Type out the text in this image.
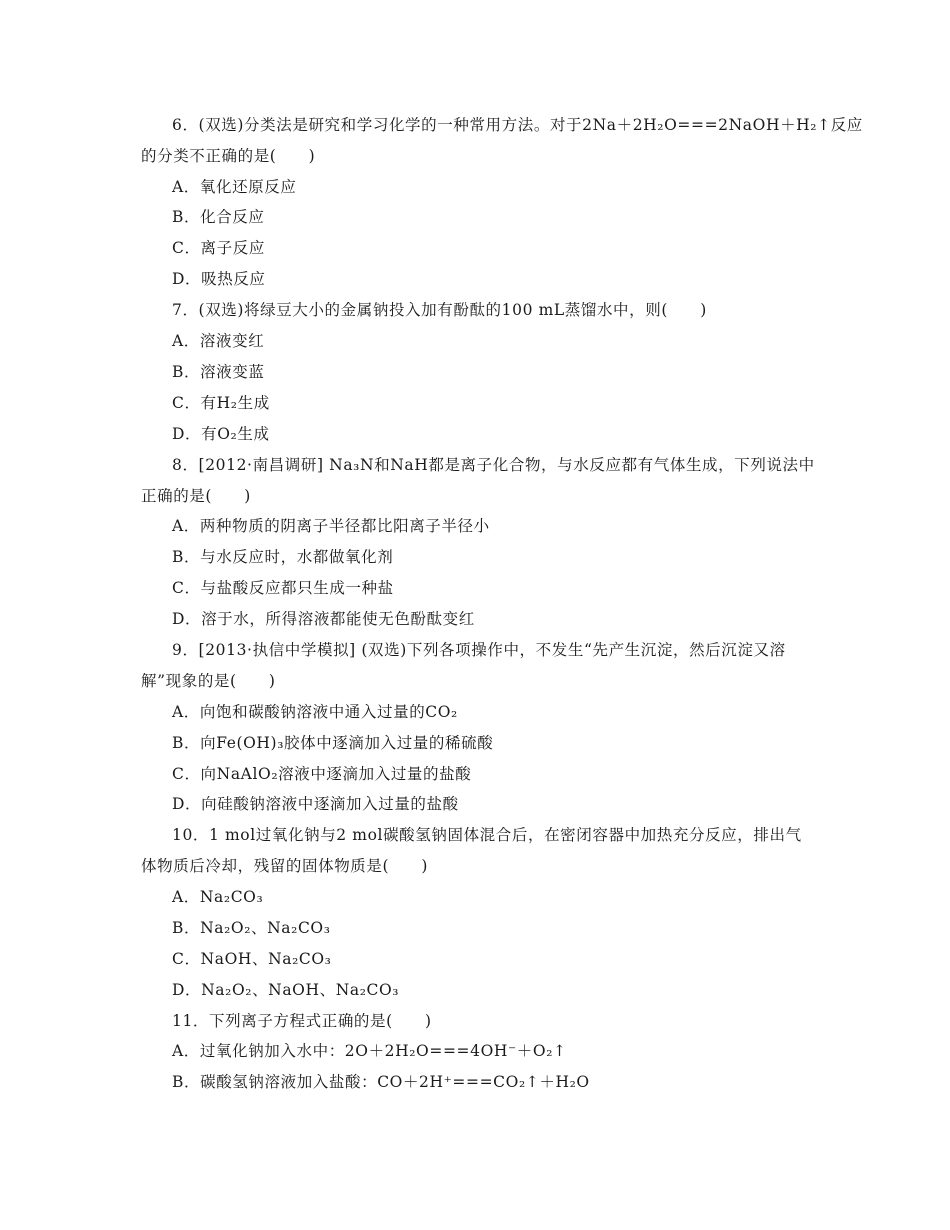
6．(双选)分类法是研究和学习化学的一种常用方法。对于2Na＋2H₂O===2NaOH＋H₂↑反应
的分类不正确的是(　　)
A．氧化还原反应
B．化合反应
C．离子反应
D．吸热反应
7．(双选)将绿豆大小的金属钠投入加有酚酞的100 mL蒸馏水中，则(　　)
A．溶液变红
B．溶液变蓝
C．有H₂生成
D．有O₂生成
8．[2012·南昌调研] Na₃N和NaH都是离子化合物，与水反应都有气体生成，下列说法中
正确的是(　　)
A．两种物质的阴离子半径都比阳离子半径小
B．与水反应时，水都做氧化剂
C．与盐酸反应都只生成一种盐
D．溶于水，所得溶液都能使无色酚酞变红
9．[2013·执信中学模拟] (双选)下列各项操作中，不发生“先产生沉淀，然后沉淀又溶
解”现象的是(　　)
A．向饱和碳酸钠溶液中通入过量的CO₂
B．向Fe(OH)₃胶体中逐滴加入过量的稀硫酸
C．向NaAlO₂溶液中逐滴加入过量的盐酸
D．向硅酸钠溶液中逐滴加入过量的盐酸
10．1 mol过氧化钠与2 mol碳酸氢钠固体混合后，在密闭容器中加热充分反应，排出气
体物质后冷却，残留的固体物质是(　　)
A．Na₂CO₃
B．Na₂O₂、Na₂CO₃
C．NaOH、Na₂CO₃
D．Na₂O₂、NaOH、Na₂CO₃
11．下列离子方程式正确的是(　　)
A．过氧化钠加入水中：2O＋2H₂O===4OH⁻＋O₂↑
B．碳酸氢钠溶液加入盐酸：CO＋2H⁺===CO₂↑＋H₂O
